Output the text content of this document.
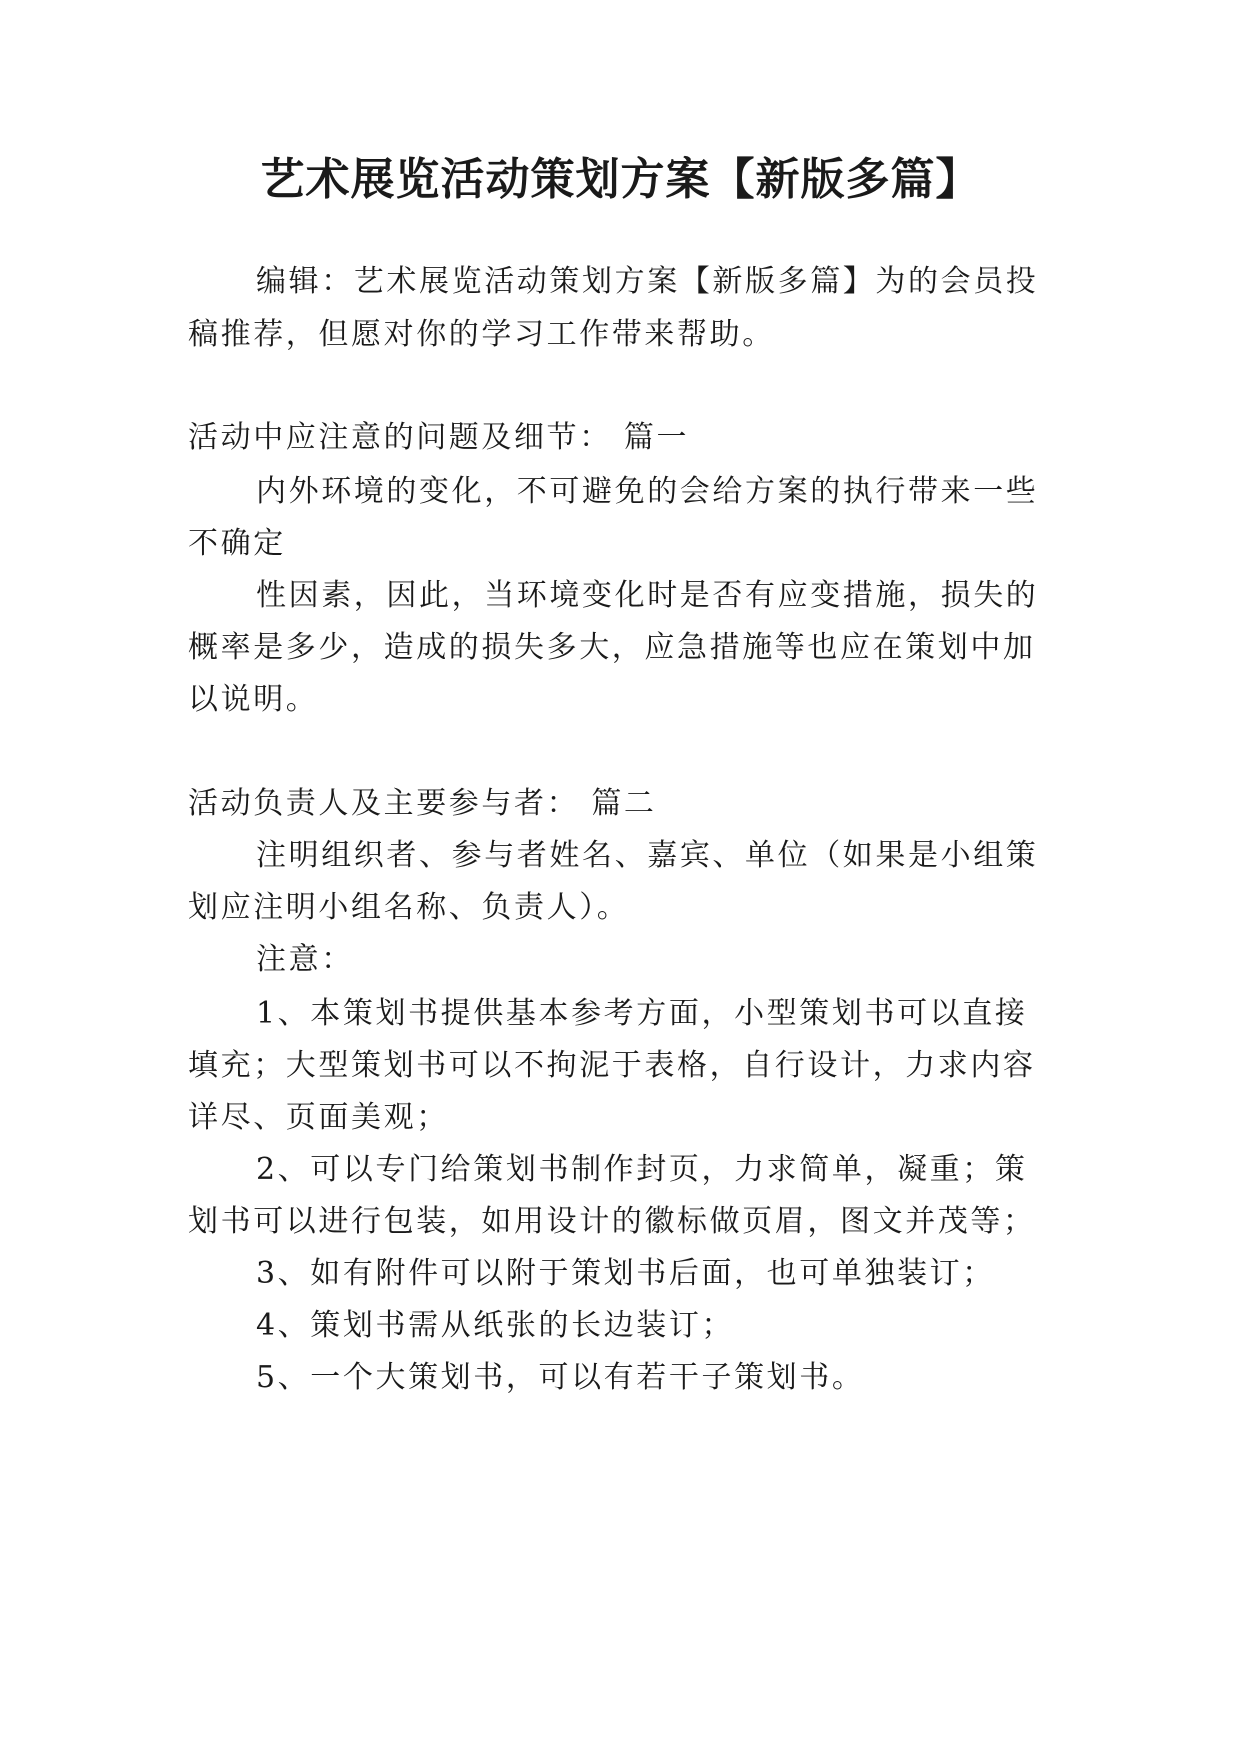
艺术展览活动策划方案【新版多篇】
编辑：艺术展览活动策划方案【新版多篇】为的会员投
稿推荐，但愿对你的学习工作带来帮助。
活动中应注意的问题及细节： 篇一
内外环境的变化，不可避免的会给方案的执行带来一些
不确定
性因素，因此，当环境变化时是否有应变措施，损失的
概率是多少，造成的损失多大，应急措施等也应在策划中加
以说明。
活动负责人及主要参与者： 篇二
注明组织者、参与者姓名、嘉宾、单位（如果是小组策
划应注明小组名称、负责人）。
注意：
1、本策划书提供基本参考方面，小型策划书可以直接
填充；大型策划书可以不拘泥于表格，自行设计，力求内容
详尽、页面美观；
2、可以专门给策划书制作封页，力求简单，凝重；策
划书可以进行包装，如用设计的徽标做页眉，图文并茂等；
3、如有附件可以附于策划书后面，也可单独装订；
4、策划书需从纸张的长边装订；
5、一个大策划书，可以有若干子策划书。
